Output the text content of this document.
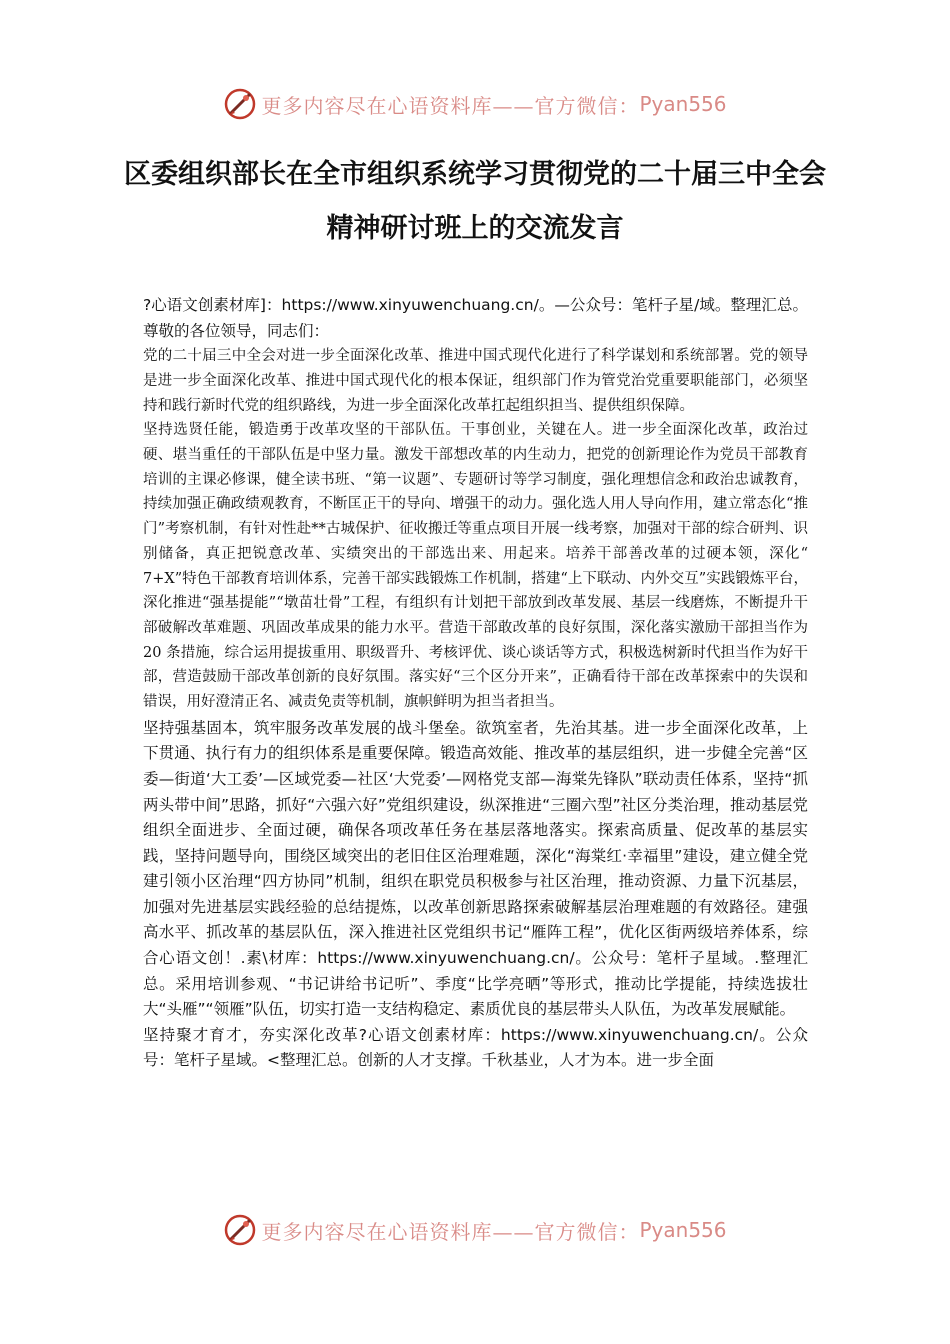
更多内容尽在心语资料库——官方微信： Pyan556
区委组织部长在全市组织系统学习贯彻党的二十届三中全会精神研讨班上的交流发言

?心语文创素材库]：https://www.xinyuwenchuang.cn/。—公众号：笔杆子星/域。整理汇总。尊敬的各位领导，同志们：

党的二十届三中全会对进一步全面深化改革、推进中国式现代化进行了科学谋划和系统部署。党的领导是进一步全面深化改革、推进中国式现代化的根本保证，组织部门作为管党治党重要职能部门，必须坚持和践行新时代党的组织路线，为进一步全面深化改革扛起组织担当、提供组织保障。

坚持选贤任能，锻造勇于改革攻坚的干部队伍。干事创业，关键在人。进一步全面深化改革，政治过硬、堪当重任的干部队伍是中坚力量。激发干部想改革的内生动力，把党的创新理论作为党员干部教育培训的主课必修课，健全读书班、“第一议题”、专题研讨等学习制度，强化理想信念和政治忠诚教育，持续加强正确政绩观教育，不断匡正干的导向、增强干的动力。强化选人用人导向作用，建立常态化“推门”考察机制，有针对性赴**古城保护、征收搬迁等重点项目开展一线考察，加强对干部的综合研判、识别储备，真正把锐意改革、实绩突出的干部选出来、用起来。培养干部善改革的过硬本领，深化“ 7+X”特色干部教育培训体系，完善干部实践锻炼工作机制，搭建“上下联动、内外交互”实践锻炼平台，深化推进“强基提能”“墩苗壮骨”工程，有组织有计划把干部放到改革发展、基层一线磨炼，不断提升干部破解改革难题、巩固改革成果的能力水平。营造干部敢改革的良好氛围，深化落实激励干部担当作为 20 条措施，综合运用提拔重用、职级晋升、考核评优、谈心谈话等方式，积极选树新时代担当作为好干部，营造鼓励干部改革创新的良好氛围。落实好“三个区分开来”，正确看待干部在改革探索中的失误和错误，用好澄清正名、减责免责等机制，旗帜鲜明为担当者担当。

坚持强基固本，筑牢服务改革发展的战斗堡垒。欲筑室者，先治其基。进一步全面深化改革，上下贯通、执行有力的组织体系是重要保障。锻造高效能、推改革的基层组织，进一步健全完善“区委—街道‘大工委’—区域党委—社区‘大党委’—网格党支部—海棠先锋队”联动责任体系，坚持“抓两头带中间”思路，抓好“六强六好”党组织建设，纵深推进“三圈六型”社区分类治理，推动基层党组织全面进步、全面过硬，确保各项改革任务在基层落地落实。探索高质量、促改革的基层实践，坚持问题导向，围绕区域突出的老旧住区治理难题，深化“海棠红·幸福里”建设，建立健全党建引领小区治理“四方协同”机制，组织在职党员积极参与社区治理，推动资源、力量下沉基层，加强对先进基层实践经验的总结提炼，以改革创新思路探索破解基层治理难题的有效路径。建强高水平、抓改革的基层队伍，深入推进社区党组织书记“雁阵工程”，优化区街两级培养体系，综合心语文创！.素\材库：https://www.xinyuwenchuang.cn/。公众号：笔杆子星域。.整理汇总。采用培训参观、“书记讲给书记听”、季度“比学亮晒”等形式，推动比学提能，持续选拔壮大“头雁”“领雁”队伍，切实打造一支结构稳定、素质优良的基层带头人队伍，为改革发展赋能。

坚持聚才育才，夯实深化改革?心语文创素材库：https://www.xinyuwenchuang.cn/。公众号：笔杆子星域。<整理汇总。创新的人才支撑。千秋基业，人才为本。进一步全面

更多内容尽在心语资料库——官方微信： Pyan556
